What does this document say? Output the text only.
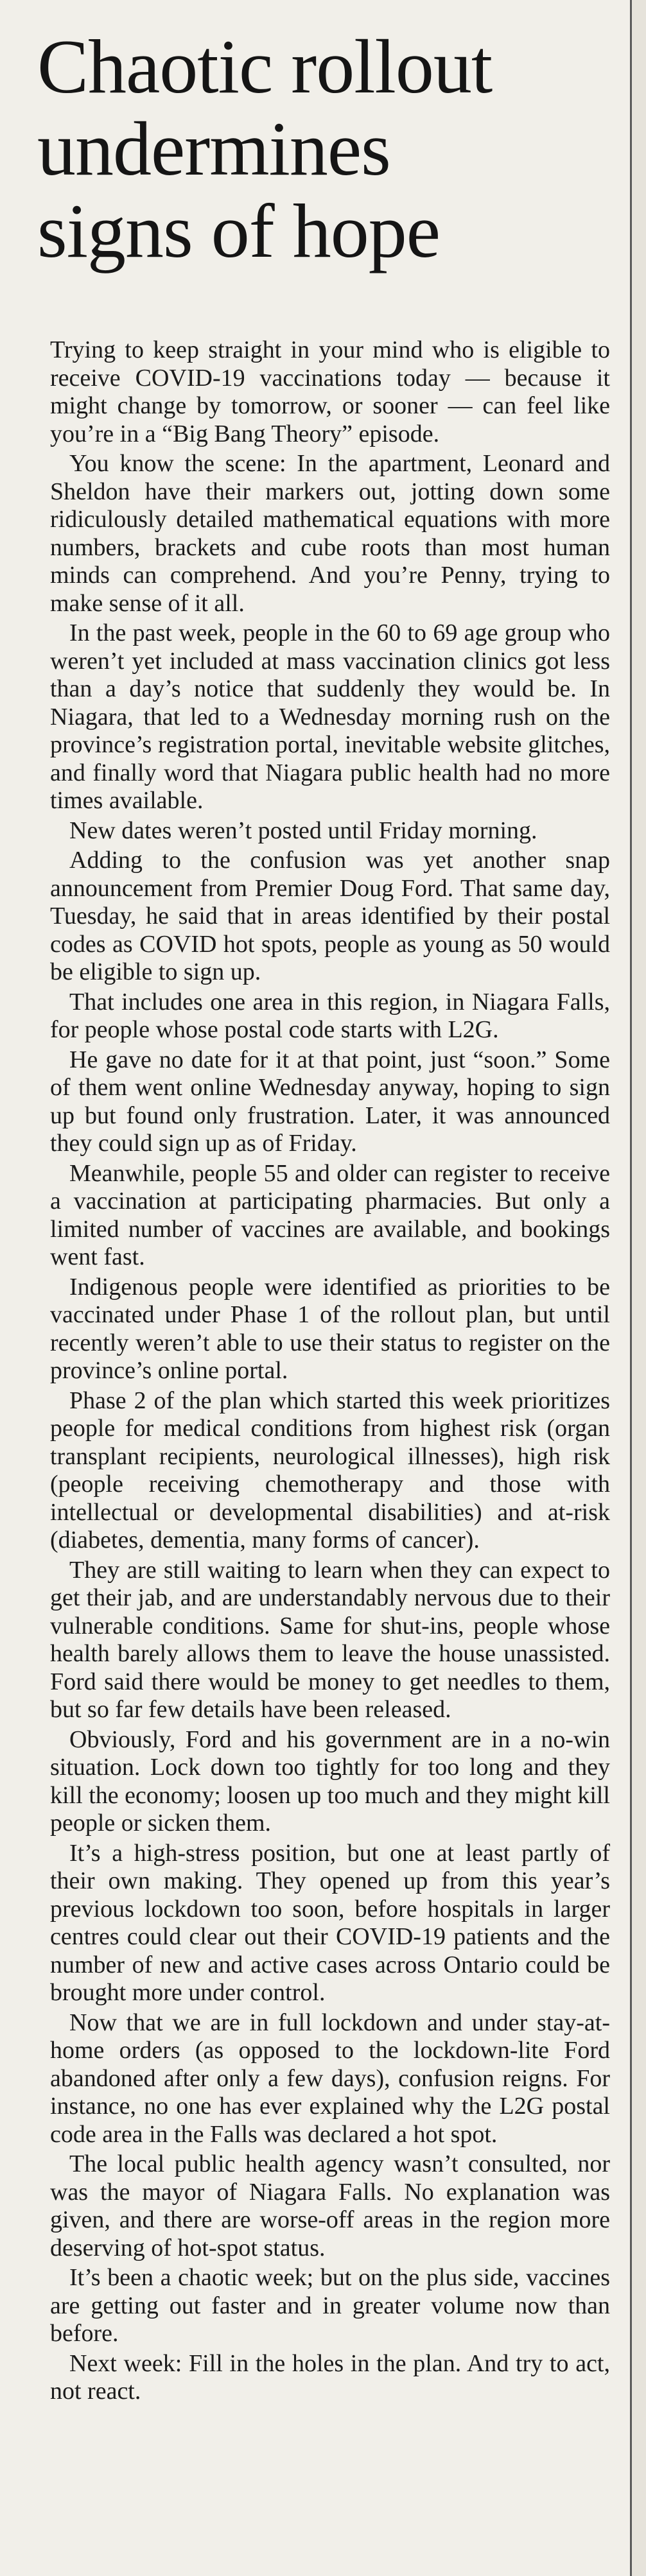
Chaotic rollout
undermines
signs of hope

Trying to keep straight in your mind who is eligible to receive COVID-19 vaccinations today — because it might change by tomorrow, or sooner — can feel like you’re in a “Big Bang Theory” episode.

You know the scene: In the apartment, Leonard and Sheldon have their markers out, jotting down some ridiculously detailed mathematical equations with more numbers, brackets and cube roots than most human minds can comprehend. And you’re Penny, trying to make sense of it all.

In the past week, people in the 60 to 69 age group who weren’t yet included at mass vaccination clinics got less than a day’s notice that suddenly they would be. In Niagara, that led to a Wednesday morning rush on the province’s registration portal, inevitable website glitches, and finally word that Niagara public health had no more times available.

New dates weren’t posted until Friday morning.

Adding to the confusion was yet another snap announcement from Premier Doug Ford. That same day, Tuesday, he said that in areas identified by their postal codes as COVID hot spots, people as young as 50 would be eligible to sign up.

That includes one area in this region, in Niagara Falls, for people whose postal code starts with L2G.

He gave no date for it at that point, just “soon.” Some of them went online Wednesday anyway, hoping to sign up but found only frustration. Later, it was announced they could sign up as of Friday.

Meanwhile, people 55 and older can register to receive a vaccination at participating pharmacies. But only a limited number of vaccines are available, and bookings went fast.

Indigenous people were identified as priorities to be vaccinated under Phase 1 of the rollout plan, but until recently weren’t able to use their status to register on the province’s online portal.

Phase 2 of the plan which started this week prioritizes people for medical conditions from highest risk (organ transplant recipients, neurological illnesses), high risk (people receiving chemotherapy and those with intellectual or developmental disabilities) and at-risk (diabetes, dementia, many forms of cancer).

They are still waiting to learn when they can expect to get their jab, and are understandably nervous due to their vulnerable conditions. Same for shut-ins, people whose health barely allows them to leave the house unassisted. Ford said there would be money to get needles to them, but so far few details have been released.

Obviously, Ford and his government are in a no-win situation. Lock down too tightly for too long and they kill the economy; loosen up too much and they might kill people or sicken them.

It’s a high-stress position, but one at least partly of their own making. They opened up from this year’s previous lockdown too soon, before hospitals in larger centres could clear out their COVID-19 patients and the number of new and active cases across Ontario could be brought more under control.

Now that we are in full lockdown and under stay-at-home orders (as opposed to the lockdown-lite Ford abandoned after only a few days), confusion reigns. For instance, no one has ever explained why the L2G postal code area in the Falls was declared a hot spot.

The local public health agency wasn’t consulted, nor was the mayor of Niagara Falls. No explanation was given, and there are worse-off areas in the region more deserving of hot-spot status.

It’s been a chaotic week; but on the plus side, vaccines are getting out faster and in greater volume now than before.

Next week: Fill in the holes in the plan. And try to act, not react.
